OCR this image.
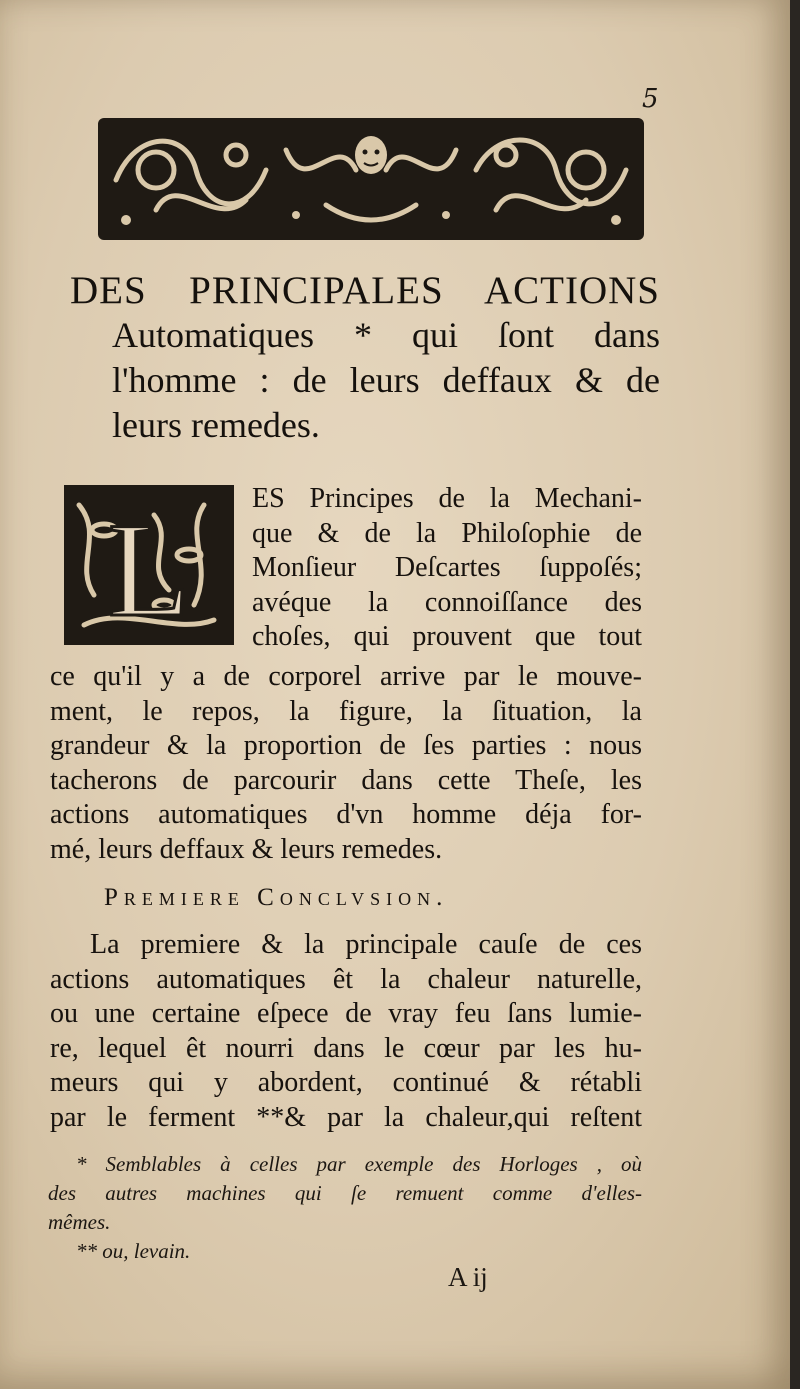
5
DES PRINCIPALES ACTIONS
Automatiques * qui ſont dans
l'homme : de leurs deffaux & de
leurs remedes.
L ES Principes de la Mechani-
que & de la Philoſophie de
Monſieur Deſcartes ſuppoſés;
avéque la connoiſſance des
choſes, qui prouvent que tout
ce qu'il y a de corporel arrive par le mouve-
ment, le repos, la figure, la ſituation, la
grandeur & la proportion de ſes parties : nous
tacherons de parcourir dans cette Theſe, les
actions automatiques d'vn homme déja for-
mé, leurs deffaux & leurs remedes.
Premiere Conclvsion.
La premiere & la principale cauſe de ces
actions automatiques êt la chaleur naturelle,
ou une certaine eſpece de vray feu ſans lumie-
re, lequel êt nourri dans le cœur par les hu-
meurs qui y abordent, continué & rétabli
par le ferment **& par la chaleur,qui reſtent
* Semblables à celles par exemple des Horloges , où
des autres machines qui ſe remuent comme d'elles-
mêmes.
** ou, levain.
A ij
